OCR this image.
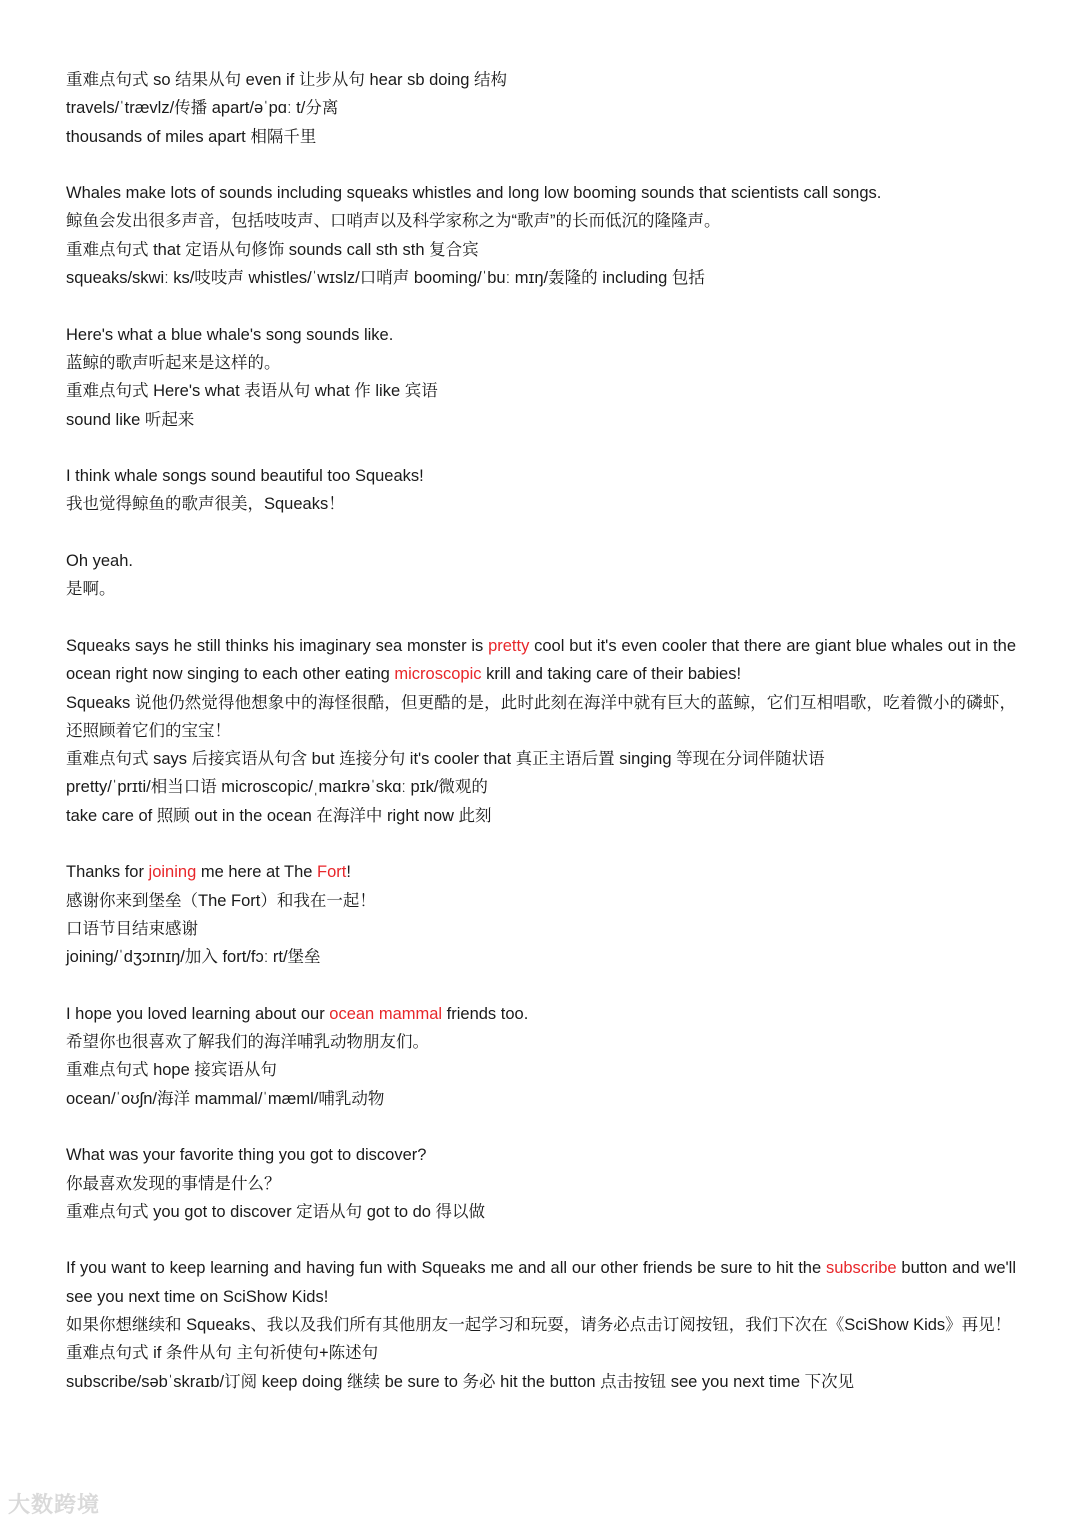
重难点句式 so 结果从句 even if 让步从句 hear sb doing 结构
travels/ˈtrævlz/传播 apart/əˈpɑː t/分离
thousands of miles apart 相隔千里
Whales make lots of sounds including squeaks whistles and long low booming sounds that scientists call songs.
鲸鱼会发出很多声音，包括吱吱声、口哨声以及科学家称之为“歌声”的长而低沉的隆隆声。
重难点句式 that 定语从句修饰 sounds call sth sth 复合宾
squeaks/skwiː ks/吱吱声 whistles/ˈwɪslz/口哨声 booming/ˈbuː mɪŋ/轰隆的 including 包括
Here's what a blue whale's song sounds like.
蓝鲸的歌声听起来是这样的。
重难点句式 Here's what 表语从句 what 作 like 宾语
sound like 听起来
I think whale songs sound beautiful too Squeaks!
我也觉得鲸鱼的歌声很美，Squeaks！
Oh yeah.
是啊。
Squeaks says he still thinks his imaginary sea monster is pretty cool but it's even cooler that there are giant blue whales out in the ocean right now singing to each other eating microscopic krill and taking care of their babies!
Squeaks 说他仍然觉得他想象中的海怪很酷，但更酷的是，此时此刻在海洋中就有巨大的蓝鲸，它们互相唱歌，吃着微小的磷虾，还照顾着它们的宝宝！
重难点句式 says 后接宾语从句含 but 连接分句 it's cooler that 真正主语后置 singing 等现在分词伴随状语
pretty/ˈprɪti/相当口语 microscopic/ˌmaɪkrəˈskɑː pɪk/微观的
take care of 照顾 out in the ocean 在海洋中 right now 此刻
Thanks for joining me here at The Fort!
感谢你来到堡垒（The Fort）和我在一起！
口语节目结束感谢
joining/ˈdʒɔɪnɪŋ/加入 fort/fɔː rt/堡垒
I hope you loved learning about our ocean mammal friends too.
希望你也很喜欢了解我们的海洋哺乳动物朋友们。
重难点句式 hope 接宾语从句
ocean/ˈoʊʃn/海洋 mammal/ˈmæml/哺乳动物
What was your favorite thing you got to discover?
你最喜欢发现的事情是什么？
重难点句式 you got to discover 定语从句 got to do 得以做
If you want to keep learning and having fun with Squeaks me and all our other friends be sure to hit the subscribe button and we'll see you next time on SciShow Kids!
如果你想继续和 Squeaks、我以及我们所有其他朋友一起学习和玩耍，请务必点击订阅按钮，我们下次在《SciShow Kids》再见！
重难点句式 if 条件从句 主句祈使句+陈述句
subscribe/səbˈskraɪb/订阅 keep doing 继续 be sure to 务必 hit the button 点击按钮 see you next time 下次见
大数跨境
